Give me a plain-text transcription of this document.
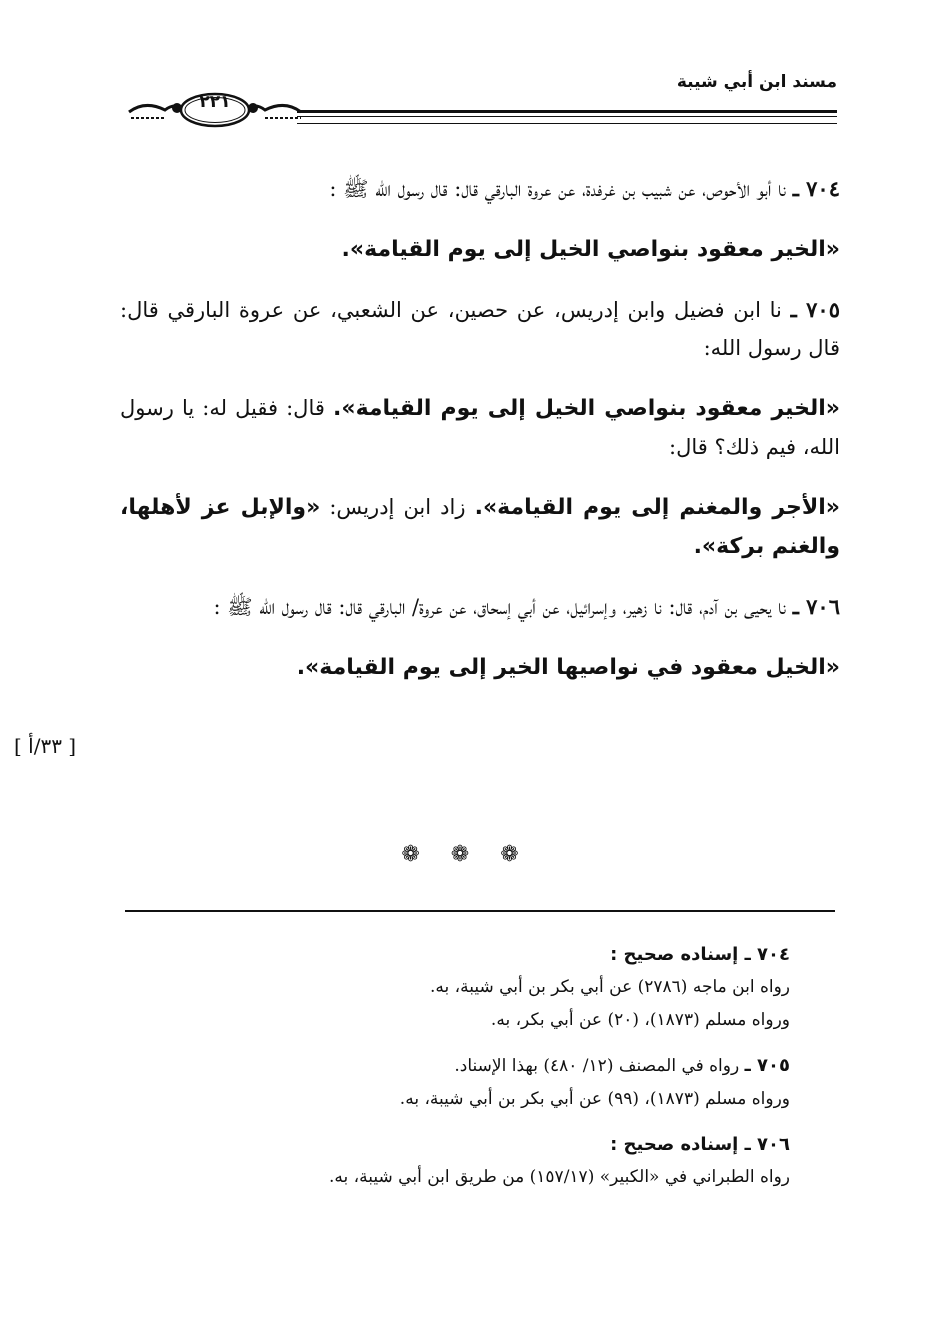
مسند ابن أبي شيبة
٢٢١
[ ٣٣/أ ]

٧٠٤ ـ نا أبو الأحوص، عن شبيب بن غرفدة، عن عروة البارقي قال: قال رسول الله ﷺ :

«الخير معقود بنواصي الخيل إلى يوم القيامة».

٧٠٥ ـ نا ابن فضيل وابن إدريس، عن حصين، عن الشعبي، عن عروة البارقي قال: قال رسول الله:

«الخير معقود بنواصي الخيل إلى يوم القيامة». قال: فقيل له: يا رسول الله، فيم ذلك؟ قال:

«الأجر والمغنم إلى يوم القيامة». زاد ابن إدريس: «والإبل عز لأهلها، والغنم بركة».

٧٠٦ ـ نا يحيى بن آدم، قال: نا زهير، وإسرائيل، عن أبي إسحاق، عن عروة/ البارقي قال: قال رسول الله ﷺ :

«الخيل معقود في نواصيها الخير إلى يوم القيامة».

❁ ❁ ❁
٧٠٤ ـ إسناده صحيح :
رواه ابن ماجه (٢٧٨٦) عن أبي بكر بن أبي شيبة، به.
ورواه مسلم (١٨٧٣)، (٢٠) عن أبي بكر، به.
٧٠٥ ـ رواه في المصنف (١٢/ ٤٨٠) بهذا الإسناد.
ورواه مسلم (١٨٧٣)، (٩٩) عن أبي بكر بن أبي شيبة، به.
٧٠٦ ـ إسناده صحيح :
رواه الطبراني في «الكبير» (١٥٧/١٧) من طريق ابن أبي شيبة، به.
